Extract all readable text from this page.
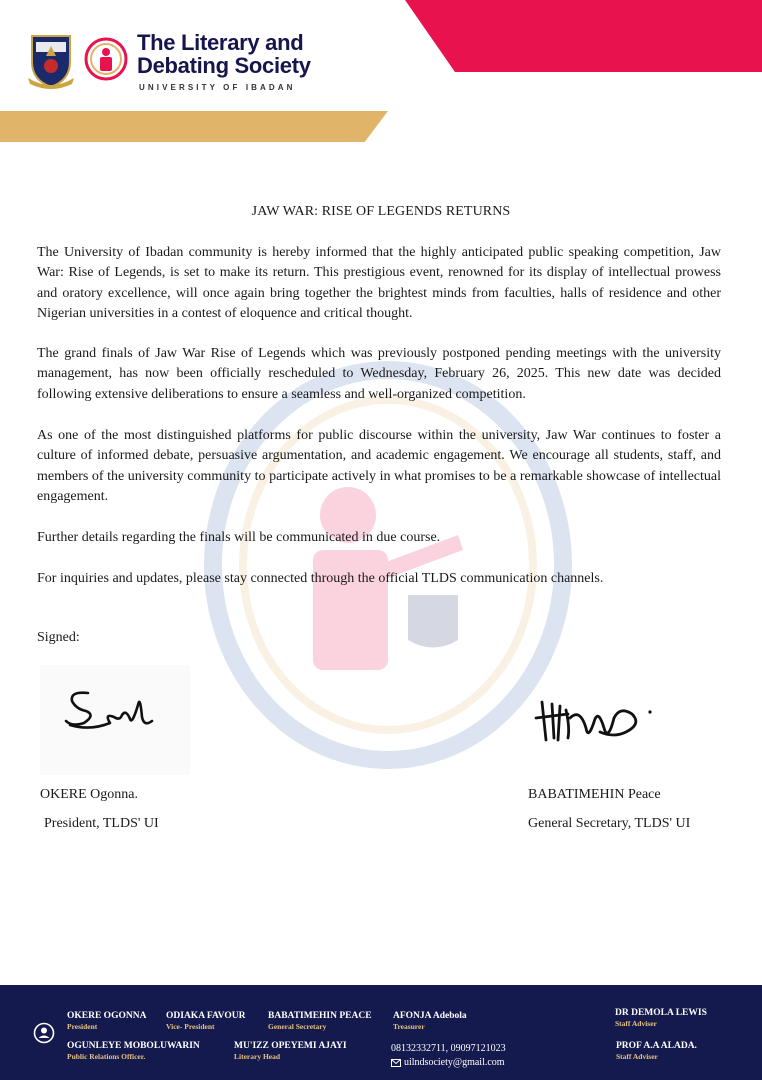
The Literary and
Debating Society
UNIVERSITY OF IBADAN
JAW WAR: RISE OF LEGENDS RETURNS

The University of Ibadan community is hereby informed that the highly anticipated public speaking competition, Jaw War: Rise of Legends, is set to make its return. This prestigious event, renowned for its display of intellectual prowess and oratory excellence, will once again bring together the brightest minds from faculties, halls of residence and other Nigerian universities in a contest of eloquence and critical thought.

The grand finals of Jaw War Rise of Legends which was previously postponed pending meetings with the university management, has now been officially rescheduled to Wednesday, February 26, 2025. This new date was decided following extensive deliberations to ensure a seamless and well-organized competition.

As one of the most distinguished platforms for public discourse within the university, Jaw War continues to foster a culture of informed debate, persuasive argumentation, and academic engagement. We encourage all students, staff, and members of the university community to participate actively in what promises to be a remarkable showcase of intellectual engagement.

Further details regarding the finals will be communicated in due course.

For inquiries and updates, please stay connected through the official TLDS communication channels.

Signed:
OKERE Ogonna.
President, TLDS' UI
BABATIMEHIN Peace
General Secretary, TLDS' UI
OKERE OGONNA
President
ODIAKA FAVOUR
Vice- President
BABATIMEHIN PEACE
General Secretary
AFONJA Adebola
Treasurer
OGUNLEYE MOBOLUWARIN
Public Relations Officer.
MU'IZZ OPEYEMI AJAYI
Literary Head
08132332711, 09097121023
uilndsociety@gmail.com
DR DEMOLA LEWIS
Staff Adviser
PROF A.A ALADA.
Staff Adviser
